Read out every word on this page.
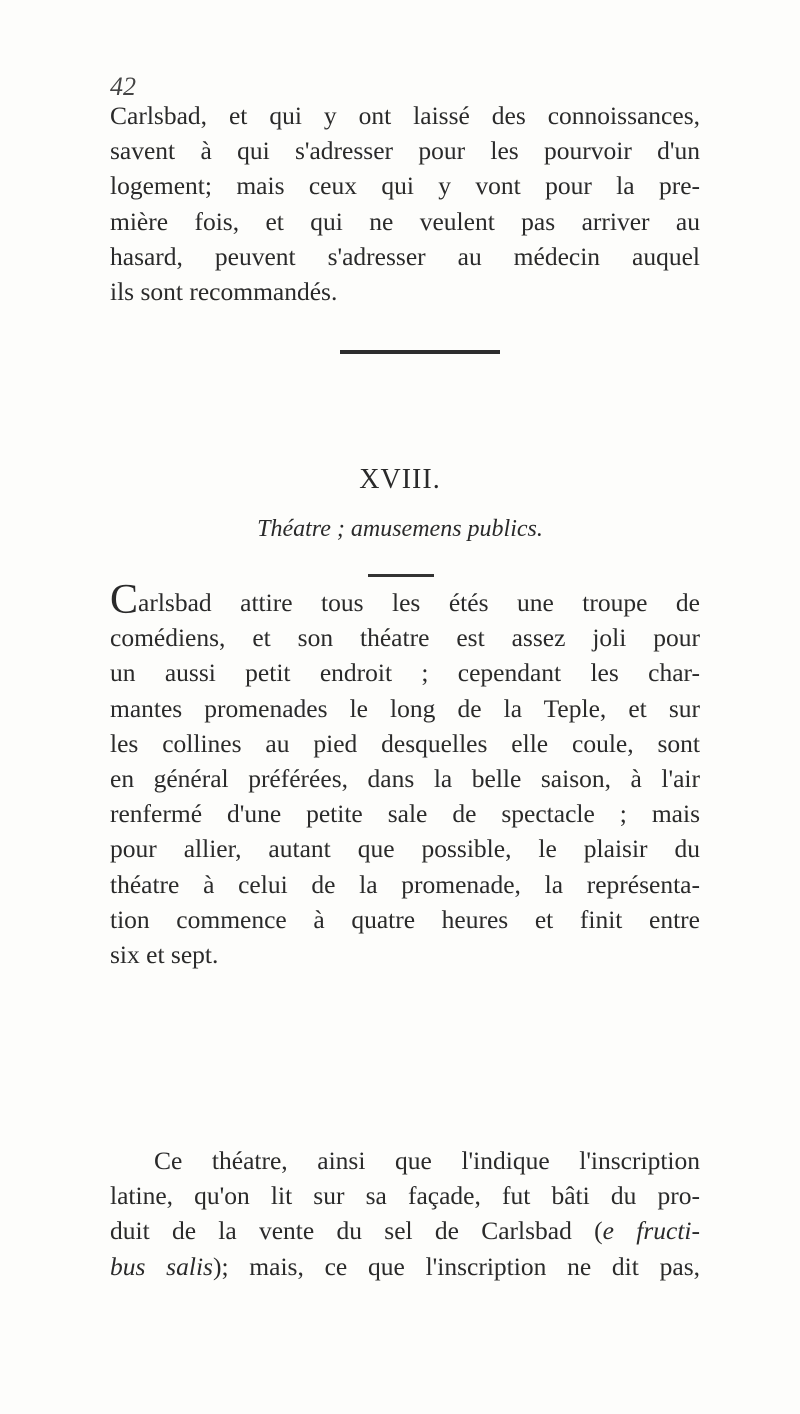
42
Carlsbad, et qui y ont laissé des connoissances,
savent à qui s'adresser pour les pourvoir d'un
logement; mais ceux qui y vont pour la pre-
mière fois, et qui ne veulent pas arriver au
hasard, peuvent s'adresser au médecin auquel
ils sont recommandés.
XVIII.
Théatre ; amusemens publics.
Carlsbad attire tous les étés une troupe de
comédiens, et son théatre est assez joli pour
un aussi petit endroit ; cependant les char-
mantes promenades le long de la Teple, et sur
les collines au pied desquelles elle coule, sont
en général préférées, dans la belle saison, à l'air
renfermé d'une petite sale de spectacle ; mais
pour allier, autant que possible, le plaisir du
théatre à celui de la promenade, la représenta-
tion commence à quatre heures et finit entre
six et sept.
Ce théatre, ainsi que l'indique l'inscription
latine, qu'on lit sur sa façade, fut bâti du pro-
duit de la vente du sel de Carlsbad (e fructi-
bus salis); mais, ce que l'inscription ne dit pas,
